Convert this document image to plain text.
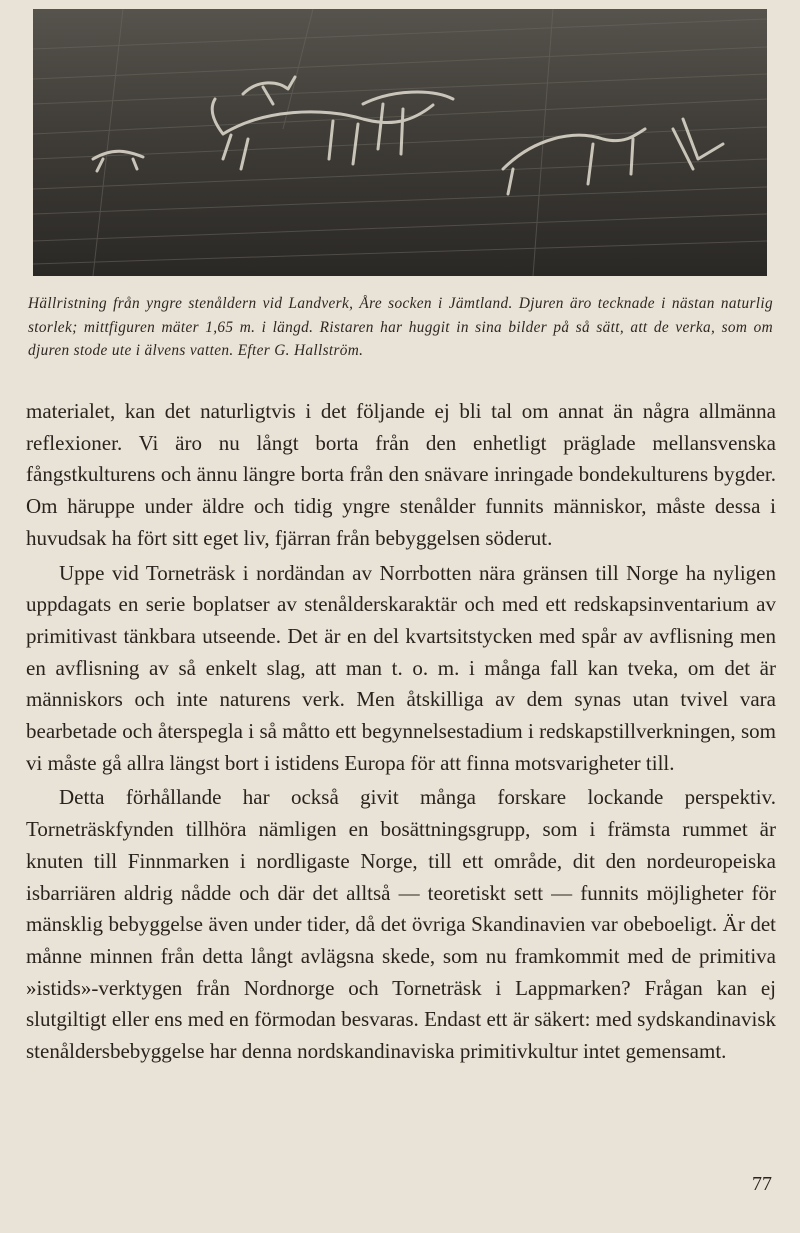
Hällristning från yngre stenåldern vid Landverk, Åre socken i Jämtland. Djuren äro tecknade i nästan naturlig storlek; mittfiguren mäter 1,65 m. i längd. Ristaren har huggit in sina bilder på så sätt, att de verka, som om djuren stode ute i älvens vatten. Efter G. Hallström.

materialet, kan det naturligtvis i det följande ej bli tal om annat än några allmänna reflexioner. Vi äro nu långt borta från den enhetligt präglade mellansvenska fångstkulturens och ännu längre borta från den snävare inringade bondekulturens bygder. Om häruppe under äldre och tidig yngre stenålder funnits människor, måste dessa i huvudsak ha fört sitt eget liv, fjärran från bebyggelsen söderut.

Uppe vid Torneträsk i nordändan av Norrbotten nära gränsen till Norge ha nyligen uppdagats en serie boplatser av stenålderskaraktär och med ett redskapsinventarium av primitivast tänkbara utseende. Det är en del kvartsitstycken med spår av avflisning men en avflisning av så enkelt slag, att man t. o. m. i många fall kan tveka, om det är människors och inte naturens verk. Men åtskilliga av dem synas utan tvivel vara bearbetade och återspegla i så måtto ett begynnelsestadium i redskapstillverkningen, som vi måste gå allra längst bort i istidens Europa för att finna motsvarigheter till.

Detta förhållande har också givit många forskare lockande perspektiv. Torneträskfynden tillhöra nämligen en bosättningsgrupp, som i främsta rummet är knuten till Finnmarken i nordligaste Norge, till ett område, dit den nordeuropeiska isbarriären aldrig nådde och där det alltså — teoretiskt sett — funnits möjligheter för mänsklig bebyggelse även under tider, då det övriga Skandinavien var obeboeligt. Är det månne minnen från detta långt avlägsna skede, som nu framkommit med de primitiva »istids»-verktygen från Nordnorge och Torneträsk i Lappmarken? Frågan kan ej slutgiltigt eller ens med en förmodan besvaras. Endast ett är säkert: med sydskandinavisk stenåldersbebyggelse har denna nordskandinaviska primitivkultur intet gemensamt.

77
